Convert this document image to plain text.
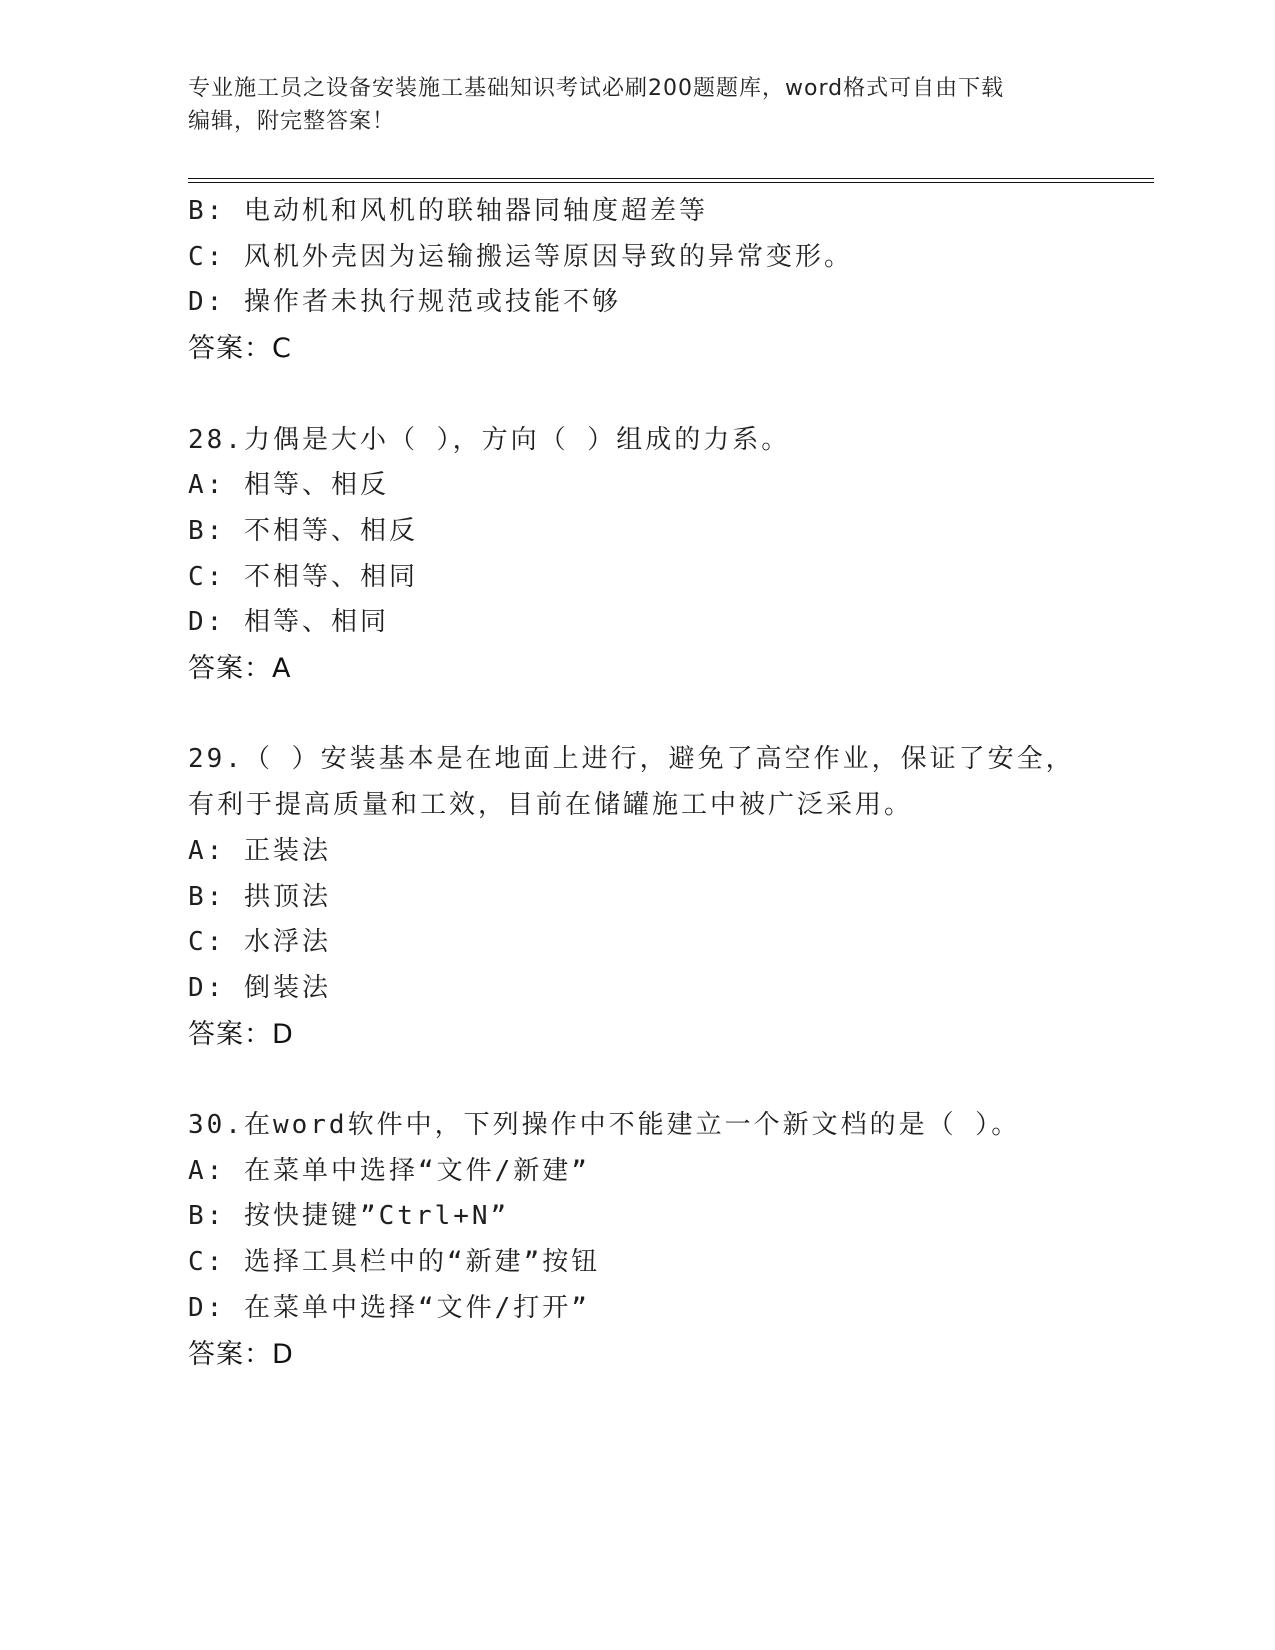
专业施工员之设备安装施工基础知识考试必刷200题题库，word格式可自由下载
编辑，附完整答案！
B: 电动机和风机的联轴器同轴度超差等
C: 风机外壳因为运输搬运等原因导致的异常变形。
D: 操作者未执行规范或技能不够
答案：C
28.力偶是大小（ ），方向（ ）组成的力系。
A: 相等、相反
B: 不相等、相反
C: 不相等、相同
D: 相等、相同
答案：A
29.（ ）安装基本是在地面上进行，避免了高空作业，保证了安全，
有利于提高质量和工效，目前在储罐施工中被广泛采用。
A: 正装法
B: 拱顶法
C: 水浮法
D: 倒装法
答案：D
30.在word软件中，下列操作中不能建立一个新文档的是（ ）。
A: 在菜单中选择“文件/新建”
B: 按快捷键”Ctrl+N”
C: 选择工具栏中的“新建”按钮
D: 在菜单中选择“文件/打开”
答案：D
